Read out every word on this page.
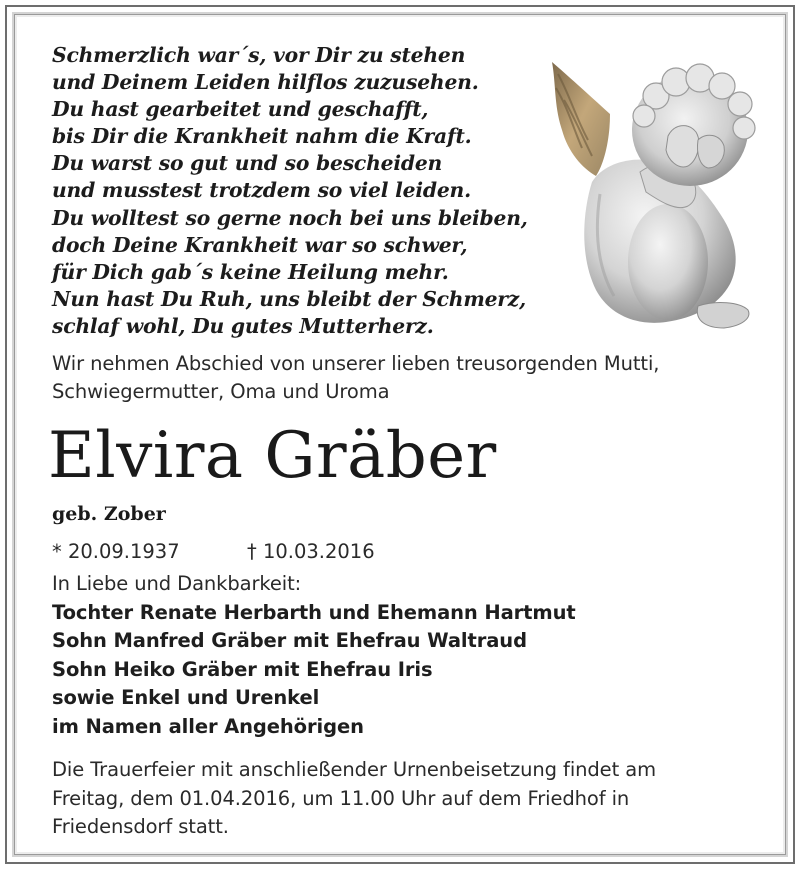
Schmerzlich war´s, vor Dir zu stehen
und Deinem Leiden hilflos zuzusehen.
Du hast gearbeitet und geschafft,
bis Dir die Krankheit nahm die Kraft.
Du warst so gut und so bescheiden
und musstest trotzdem so viel leiden.
Du wolltest so gerne noch bei uns bleiben,
doch Deine Krankheit war so schwer,
für Dich gab´s keine Heilung mehr.
Nun hast Du Ruh, uns bleibt der Schmerz,
schlaf wohl, Du gutes Mutterherz.
Wir nehmen Abschied von unserer lieben treusorgenden Mutti,
Schwiegermutter, Oma und Uroma
Elvira Gräber
geb. Zober
* 20.09.1937	† 10.03.2016
In Liebe und Dankbarkeit:
Tochter Renate Herbarth und Ehemann Hartmut
Sohn Manfred Gräber mit Ehefrau Waltraud
Sohn Heiko Gräber mit Ehefrau Iris
sowie Enkel und Urenkel
im Namen aller Angehörigen
Die Trauerfeier mit anschließender Urnenbeisetzung findet am
Freitag, dem 01.04.2016, um 11.00 Uhr auf dem Friedhof in
Friedensdorf statt.
